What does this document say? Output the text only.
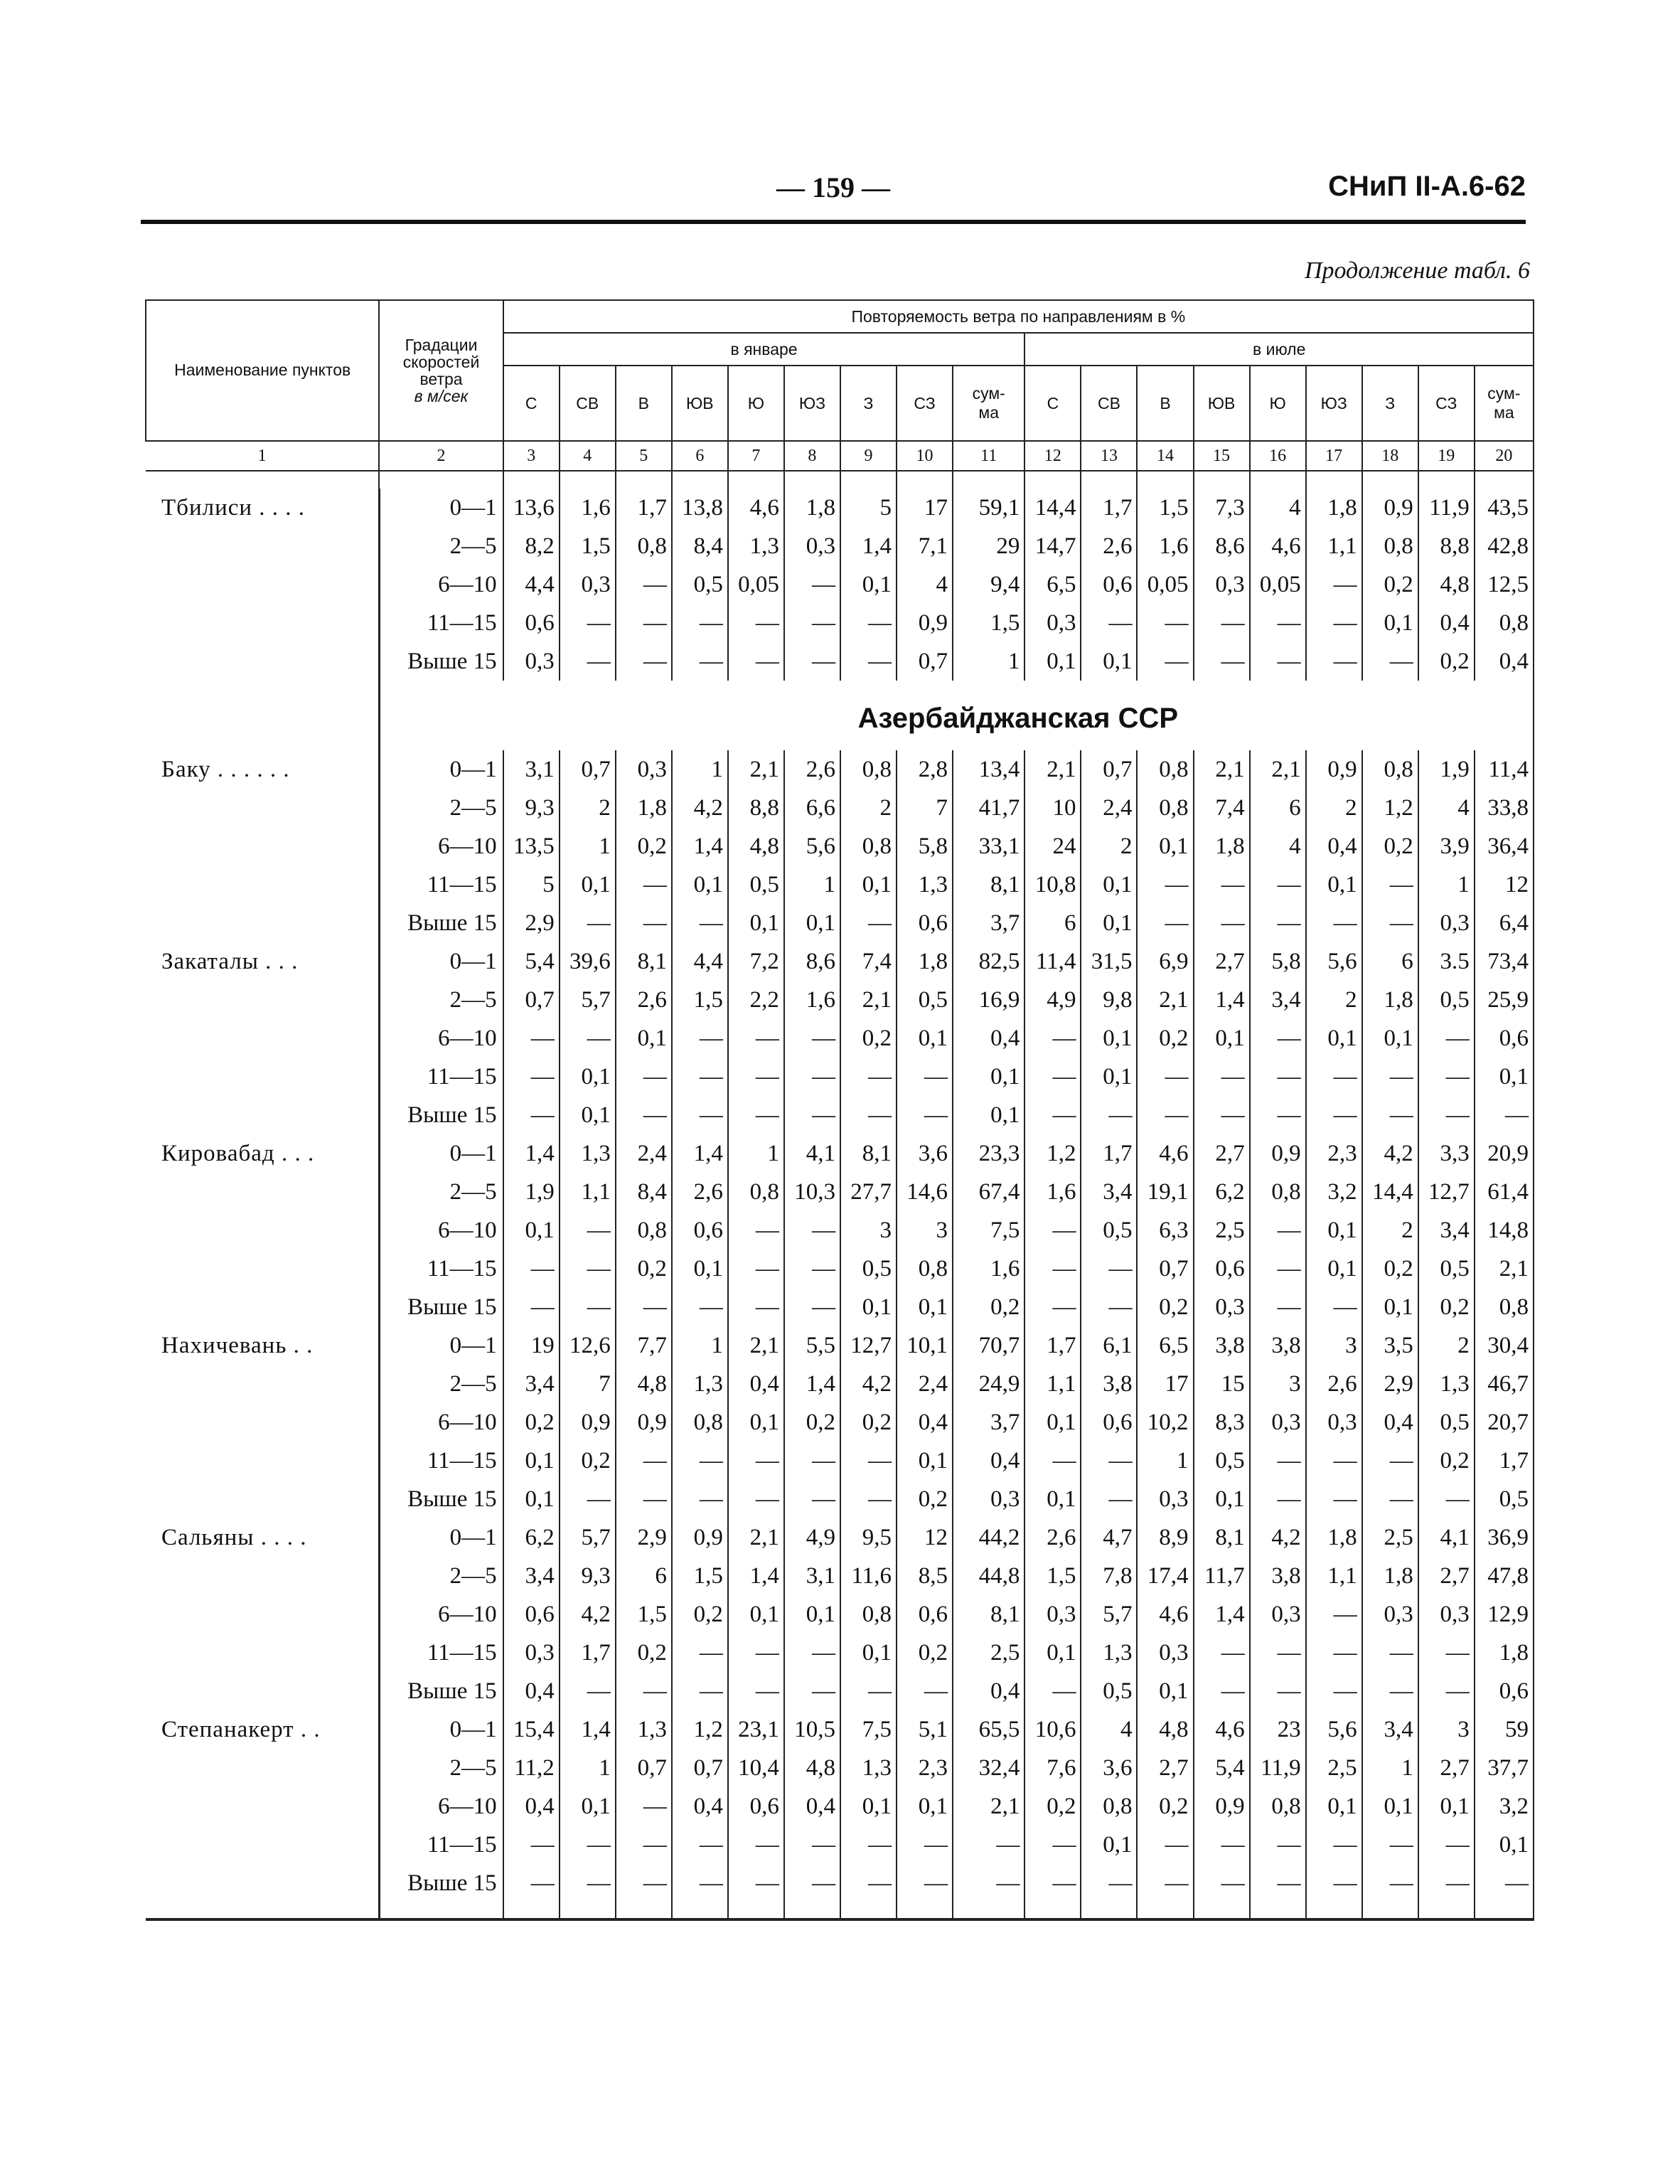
— 159 —	СНиП II-А.6-62
Продолжение табл. 6
Наименование пунктов	Градации
скоростей
ветра
в м/сек	Повторяемость ветра по направлениям в %																	
		в январе									в июле								
		С	СВ	В	ЮВ	Ю	ЮЗ	З	СЗ	сум-
ма	С	СВ	В	ЮВ	Ю	ЮЗ	З	СЗ	сум-
ма
1	2	3	4	5	6	7	8	9	10	11	12	13	14	15	16	17	18	19	20

Тбилиси . . . .	0—1	13,6	1,6	1,7	13,8	4,6	1,8	5	17	59,1	14,4	1,7	1,5	7,3	4	1,8	0,9	11,9	43,5
	2—5	8,2	1,5	0,8	8,4	1,3	0,3	1,4	7,1	29	14,7	2,6	1,6	8,6	4,6	1,1	0,8	8,8	42,8
	6—10	4,4	0,3	—	0,5	0,05	—	0,1	4	9,4	6,5	0,6	0,05	0,3	0,05	—	0,2	4,8	12,5
	11—15	0,6	—	—	—	—	—	—	0,9	1,5	0,3	—	—	—	—	—	0,1	0,4	0,8
	Выше 15	0,3	—	—	—	—	—	—	0,7	1	0,1	0,1	—	—	—	—	—	0,2	0,4
		Азербайджанская ССР																	
Баку . . . . . .	0—1	3,1	0,7	0,3	1	2,1	2,6	0,8	2,8	13,4	2,1	0,7	0,8	2,1	2,1	0,9	0,8	1,9	11,4
	2—5	9,3	2	1,8	4,2	8,8	6,6	2	7	41,7	10	2,4	0,8	7,4	6	2	1,2	4	33,8
	6—10	13,5	1	0,2	1,4	4,8	5,6	0,8	5,8	33,1	24	2	0,1	1,8	4	0,4	0,2	3,9	36,4
	11—15	5	0,1	—	0,1	0,5	1	0,1	1,3	8,1	10,8	0,1	—	—	—	0,1	—	1	12
	Выше 15	2,9	—	—	—	0,1	0,1	—	0,6	3,7	6	0,1	—	—	—	—	—	0,3	6,4
Закаталы . . .	0—1	5,4	39,6	8,1	4,4	7,2	8,6	7,4	1,8	82,5	11,4	31,5	6,9	2,7	5,8	5,6	6	3.5	73,4
	2—5	0,7	5,7	2,6	1,5	2,2	1,6	2,1	0,5	16,9	4,9	9,8	2,1	1,4	3,4	2	1,8	0,5	25,9
	6—10	—	—	0,1	—	—	—	0,2	0,1	0,4	—	0,1	0,2	0,1	—	0,1	0,1	—	0,6
	11—15	—	0,1	—	—	—	—	—	—	0,1	—	0,1	—	—	—	—	—	—	0,1
	Выше 15	—	0,1	—	—	—	—	—	—	0,1	—	—	—	—	—	—	—	—	—
Кировабад . . .	0—1	1,4	1,3	2,4	1,4	1	4,1	8,1	3,6	23,3	1,2	1,7	4,6	2,7	0,9	2,3	4,2	3,3	20,9
	2—5	1,9	1,1	8,4	2,6	0,8	10,3	27,7	14,6	67,4	1,6	3,4	19,1	6,2	0,8	3,2	14,4	12,7	61,4
	6—10	0,1	—	0,8	0,6	—	—	3	3	7,5	—	0,5	6,3	2,5	—	0,1	2	3,4	14,8
	11—15	—	—	0,2	0,1	—	—	0,5	0,8	1,6	—	—	0,7	0,6	—	0,1	0,2	0,5	2,1
	Выше 15	—	—	—	—	—	—	0,1	0,1	0,2	—	—	0,2	0,3	—	—	0,1	0,2	0,8
Нахичевань . .	0—1	19	12,6	7,7	1	2,1	5,5	12,7	10,1	70,7	1,7	6,1	6,5	3,8	3,8	3	3,5	2	30,4
	2—5	3,4	7	4,8	1,3	0,4	1,4	4,2	2,4	24,9	1,1	3,8	17	15	3	2,6	2,9	1,3	46,7
	6—10	0,2	0,9	0,9	0,8	0,1	0,2	0,2	0,4	3,7	0,1	0,6	10,2	8,3	0,3	0,3	0,4	0,5	20,7
	11—15	0,1	0,2	—	—	—	—	—	0,1	0,4	—	—	1	0,5	—	—	—	0,2	1,7
	Выше 15	0,1	—	—	—	—	—	—	0,2	0,3	0,1	—	0,3	0,1	—	—	—	—	0,5
Сальяны . . . .	0—1	6,2	5,7	2,9	0,9	2,1	4,9	9,5	12	44,2	2,6	4,7	8,9	8,1	4,2	1,8	2,5	4,1	36,9
	2—5	3,4	9,3	6	1,5	1,4	3,1	11,6	8,5	44,8	1,5	7,8	17,4	11,7	3,8	1,1	1,8	2,7	47,8
	6—10	0,6	4,2	1,5	0,2	0,1	0,1	0,8	0,6	8,1	0,3	5,7	4,6	1,4	0,3	—	0,3	0,3	12,9
	11—15	0,3	1,7	0,2	—	—	—	0,1	0,2	2,5	0,1	1,3	0,3	—	—	—	—	—	1,8
	Выше 15	0,4	—	—	—	—	—	—	—	0,4	—	0,5	0,1	—	—	—	—	—	0,6
Степанакерт . .	0—1	15,4	1,4	1,3	1,2	23,1	10,5	7,5	5,1	65,5	10,6	4	4,8	4,6	23	5,6	3,4	3	59
	2—5	11,2	1	0,7	0,7	10,4	4,8	1,3	2,3	32,4	7,6	3,6	2,7	5,4	11,9	2,5	1	2,7	37,7
	6—10	0,4	0,1	—	0,4	0,6	0,4	0,1	0,1	2,1	0,2	0,8	0,2	0,9	0,8	0,1	0,1	0,1	3,2
	11—15	—	—	—	—	—	—	—	—	—	—	0,1	—	—	—	—	—	—	0,1
	Выше 15	—	—	—	—	—	—	—	—	—	—	—	—	—	—	—	—	—	—
